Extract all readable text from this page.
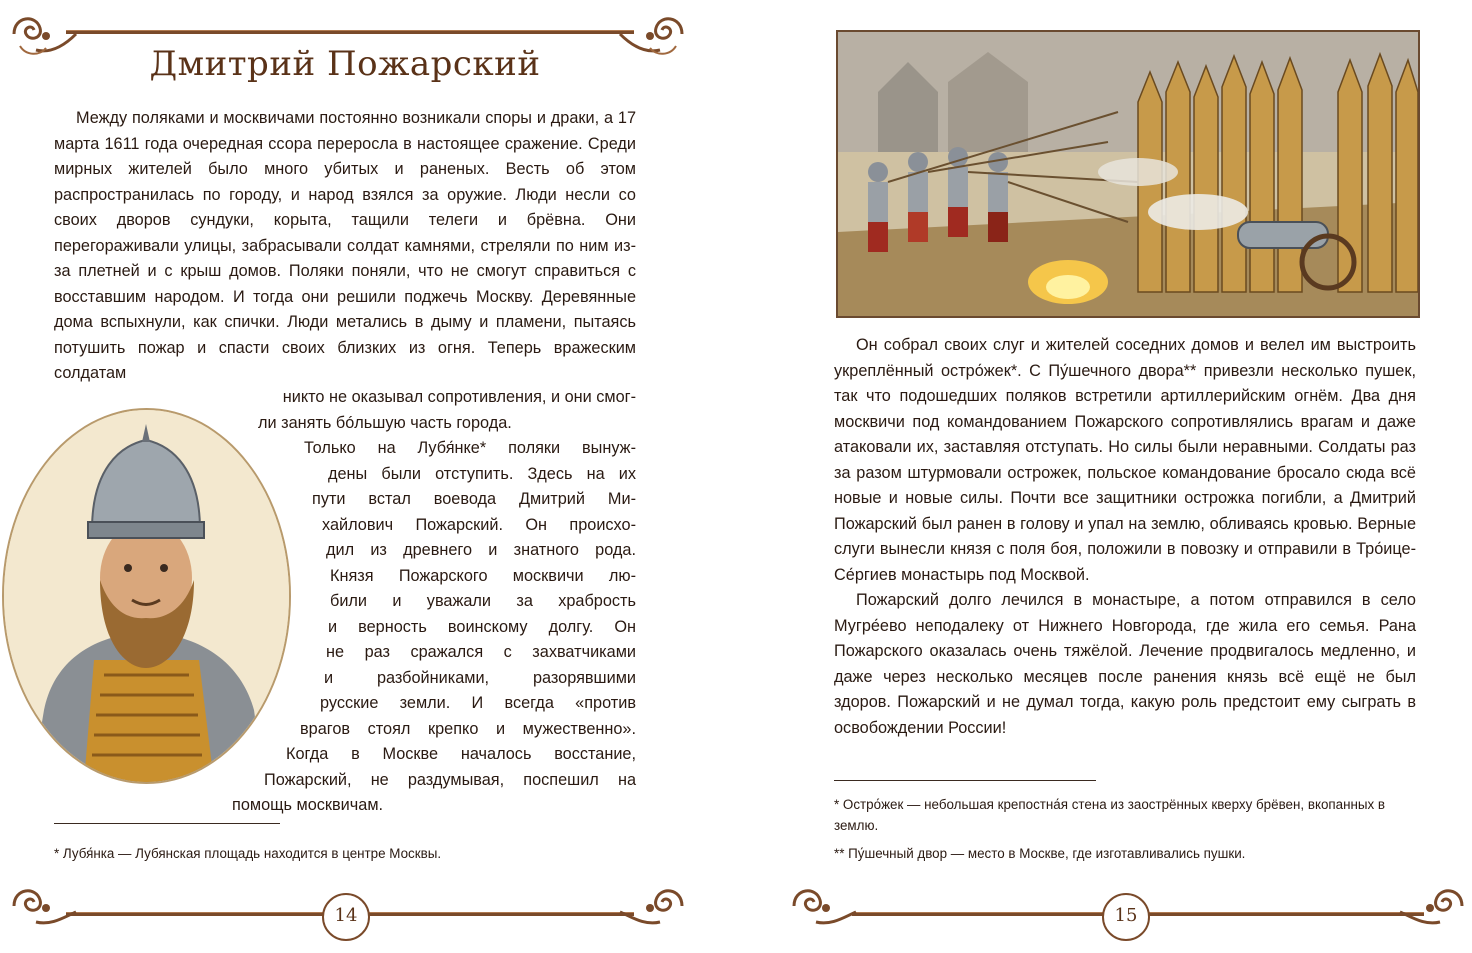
Дмитрий Пожарский

Между поляками и москвичами постоянно возникали споры и драки, а 17 марта 1611 года очередная ссора переросла в настоящее сражение. Среди мирных жителей было много убитых и раненых. Весть об этом распространилась по городу, и народ взялся за оружие. Люди несли со своих дворов сундуки, корыта, тащили телеги и брёвна. Они перегораживали улицы, забрасывали солдат камнями, стреляли по ним из-за плетней и с крыш домов. Поляки поняли, что не смогут справиться с восставшим народом. И тогда они решили поджечь Москву. Деревянные дома вспыхнули, как спички. Люди метались в дыму и пламени, пытаясь потушить пожар и спасти своих близких из огня. Теперь вражеским солдатам

никто не оказывал сопротивления, и они смог-
ли занять бóльшую часть города.
Только на Лубя́нке* поляки вынуж-
дены были отступить. Здесь на их
пути встал воевода Дмитрий Ми-
хайлович Пожарский. Он происхо-
дил из древнего и знатного рода.
Князя Пожарского москвичи лю-
били и уважали за храбрость
и верность воинскому долгу. Он
не раз сражался с захватчиками
и разбойниками, разорявшими
русские земли. И всегда «против
врагов стоял крепко и мужественно».
Когда в Москве началось восстание,
Пожарский, не раздумывая, поспешил на
помощь москвичам.
* Лубя́нка — Лубянская площадь находится в центре Москвы.
14

Он собрал своих слуг и жителей соседних домов и велел им выстроить укреплённый остро́жек*. С Пу́шечного двора** привезли несколько пушек, так что подошедших поляков встретили артиллерийским огнём. Два дня москвичи под командованием Пожарского сопротивлялись врагам и даже атаковали их, заставляя отступать. Но силы были неравными. Солдаты раз за разом штурмовали острожек, польское командование бросало сюда всё новые и новые силы. Почти все защитники острожка погибли, а Дмитрий Пожарский был ранен в голову и упал на землю, обливаясь кровью. Верные слуги вынесли князя с поля боя, положили в повозку и отправили в Тро́ице-Се́ргиев монастырь под Москвой.

Пожарский долго лечился в монастыре, а потом отправился в село Мугре́ево неподалеку от Нижнего Новгорода, где жила его семья. Рана Пожарского оказалась очень тяжёлой. Лечение продвигалось медленно, и даже через несколько месяцев после ранения князь всё ещё не был здоров. Пожарский и не думал тогда, какую роль предстоит ему сыграть в освобождении России!

* Остро́жек — небольшая крепостна́я стена из заострённых кверху брёвен, вкопанных в землю.
** Пу́шечный двор — место в Москве, где изготавливались пушки.
15
